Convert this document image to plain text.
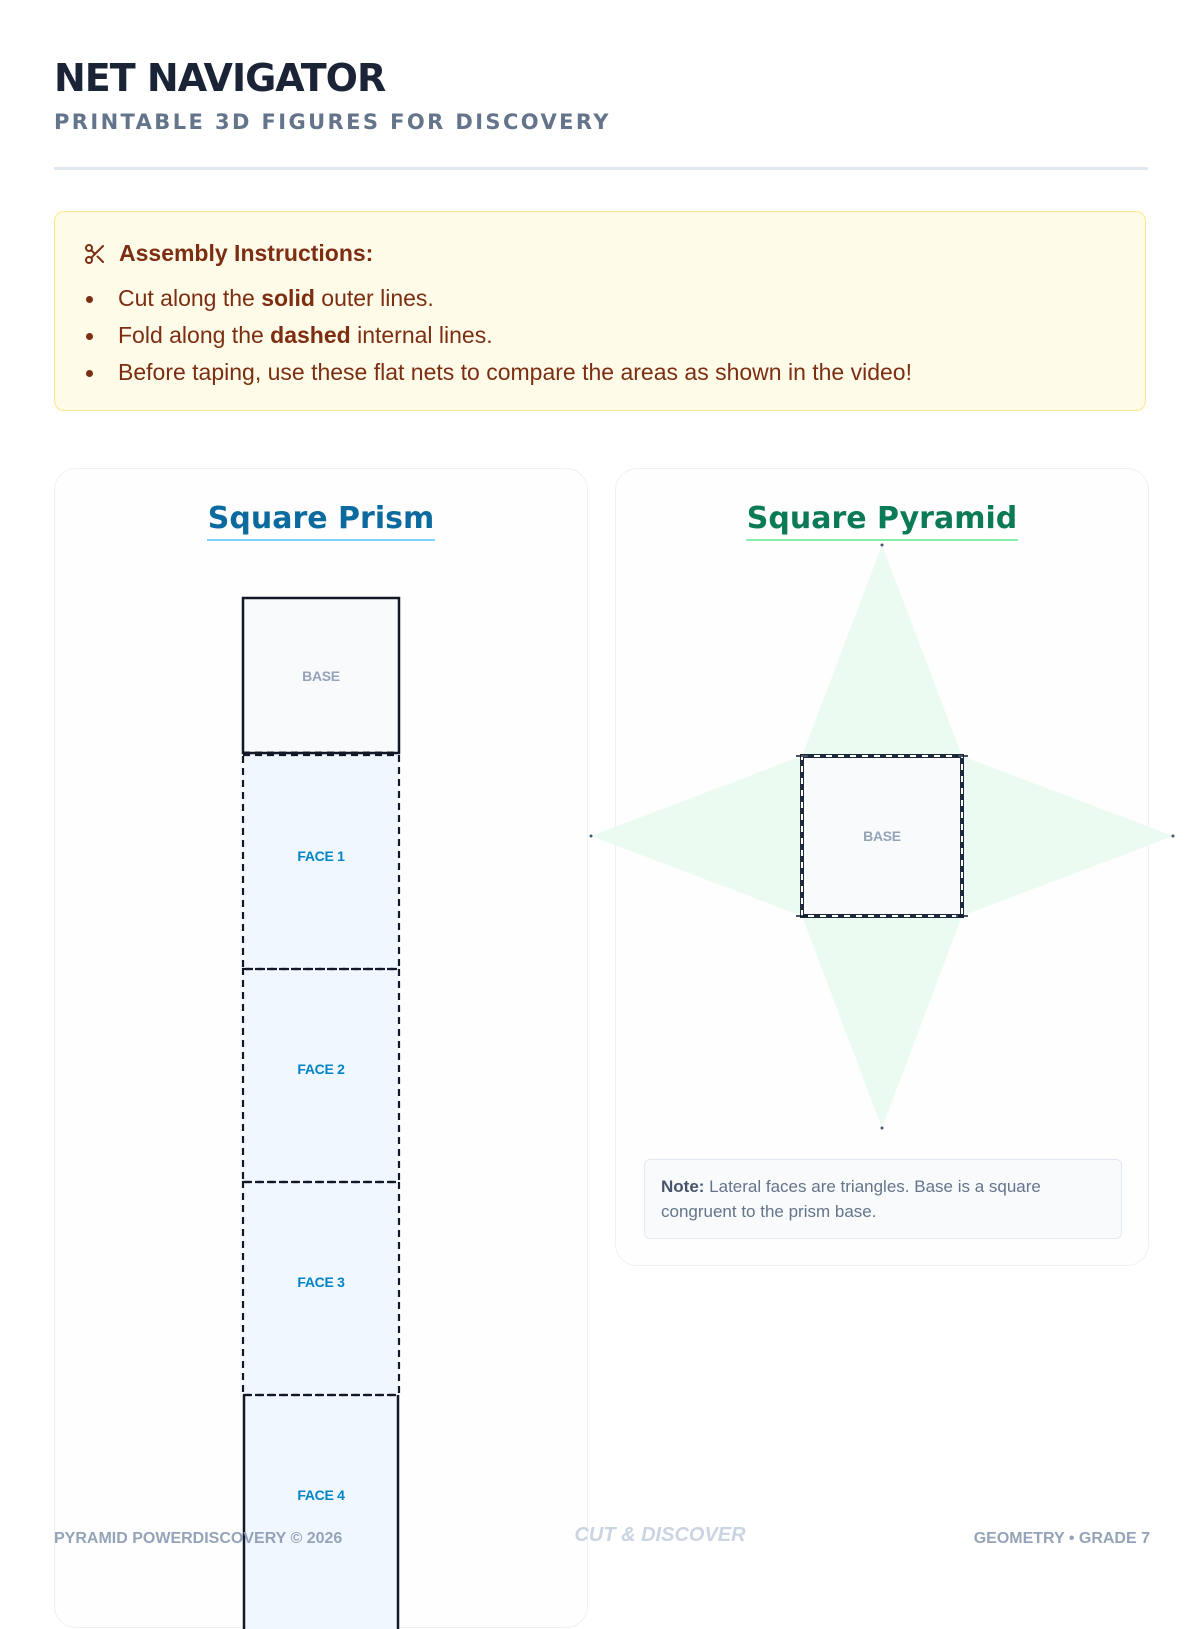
NET NAVIGATOR
PRINTABLE 3D FIGURES FOR DISCOVERY
Assembly Instructions:
Cut along the solid outer lines.
Fold along the dashed internal lines.
Before taping, use these flat nets to compare the areas as shown in the video!
Square Prism
BASE
FACE 1
FACE 2
FACE 3
FACE 4
Square Pyramid
BASE
Note: Lateral faces are triangles. Base is a square congruent to the prism base.
PYRAMID POWERDISCOVERY © 2026	CUT & DISCOVER	GEOMETRY • GRADE 7
